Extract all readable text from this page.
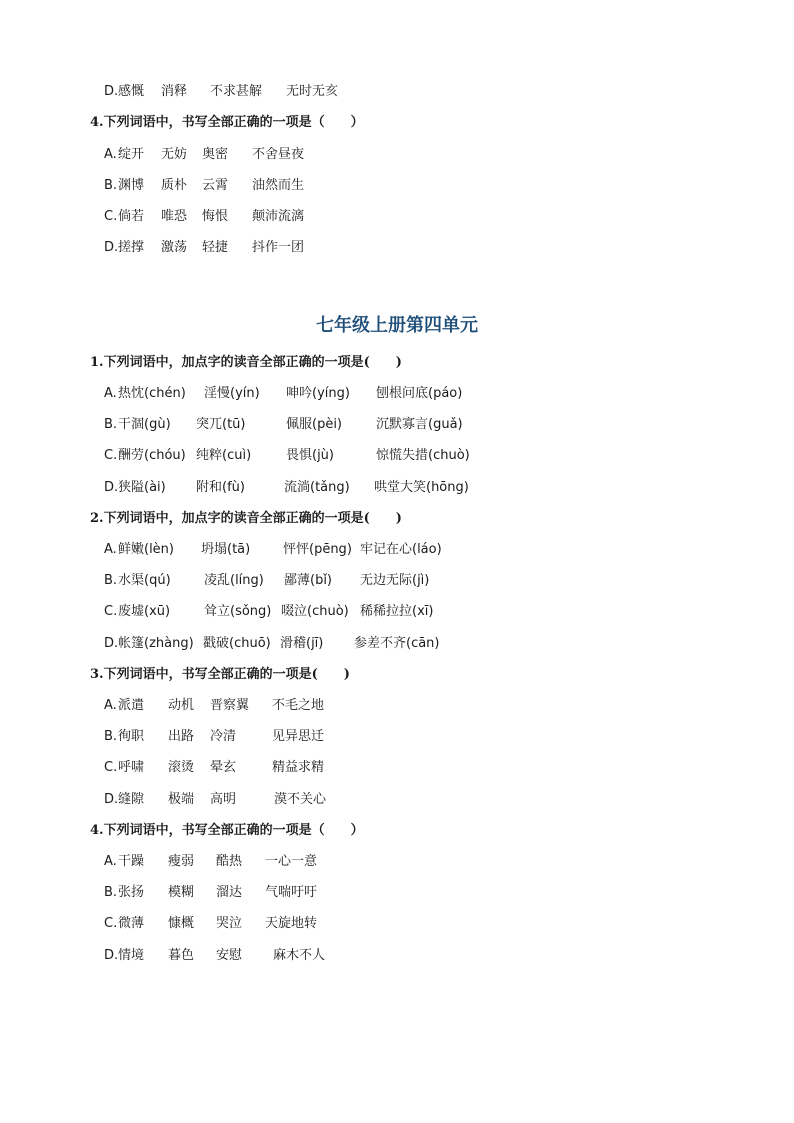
D. 感慨 消释 不求甚解 无时无亥
4.下列词语中，书写全部正确的一项是（　　）
A. 绽开 无妨 奥密 不舍昼夜
B. 渊博 质朴 云霄 油然而生
C. 倘若 唯恐 悔恨 颠沛流漓
D. 搓撑 激荡 轻捷 抖作一团
七年级上册第四单元
1.下列词语中，加点字的读音全部正确的一项是(　　)
A. 热忱(chén) 淫慢(yín) 呻吟(yíng) 刨根问底(páo)
B. 干涸(gù) 突兀(tū)	佩服(pèi)	沉默寡言(guǎ)
C. 酬劳(chóu) 纯粹(cuì)	畏惧(jù)	惊慌失措(chuò)
D. 狭隘(ài) 附和(fù)	流淌(tǎng) 哄堂大笑(hōng)
2.下列词语中，加点字的读音全部正确的一项是(　　)
A. 鲜嫩(lèn) 坍塌(tā)	怦怦(pēng) 牢记在心(láo)
B. 水渠(qú)	凌乱(líng) 鄙薄(bǐ) 无边无际(jì)
C. 废墟(xū)	耸立(sǒng) 啜泣(chuò) 稀稀拉拉(xī)
D. 帐篷(zhàng) 戳破(chuō) 滑稽(jī) 参差不齐(cān)
3.下列词语中，书写全部正确的一项是(　　)
A. 派遣 动机 晋察翼 不毛之地
B. 徇职 出路 冷清	见异思迁
C. 呼啸 滚烫 晕玄	精益求精
D. 缝隙 极端 高明	漠不关心
4.下列词语中，书写全部正确的一项是（　　）
A. 干躁 瘦弱 酷热 一心一意
B. 张扬 模糊 溜达 气喘吁吁
C. 微薄 慷概 哭泣 天旋地转
D. 情境 暮色 安慰 麻木不人
